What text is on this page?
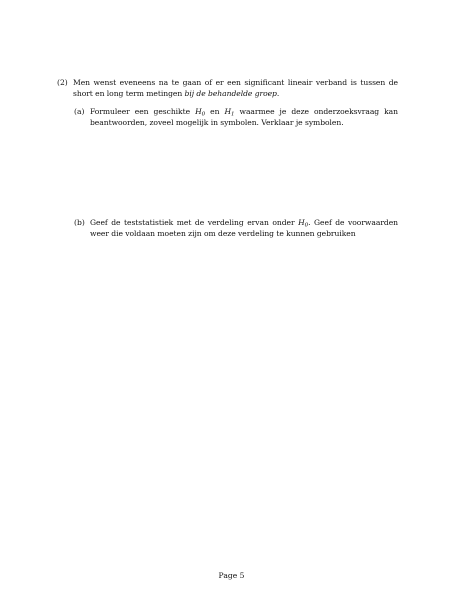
(2) Men wenst eveneens na te gaan of er een significant lineair verband is tussen de short en long term metingen bij de behandelde groep.
(a) Formuleer een geschikte $H_0$ en $H_1$ waarmee je deze onderzoeksvraag kan beantwoorden, zoveel mogelijk in symbolen. Verklaar je symbolen.
(b) Geef de teststatistiek met de verdeling ervan onder $H_0$. Geef de voorwaarden weer die voldaan moeten zijn om deze verdeling te kunnen gebruiken
Page 5
